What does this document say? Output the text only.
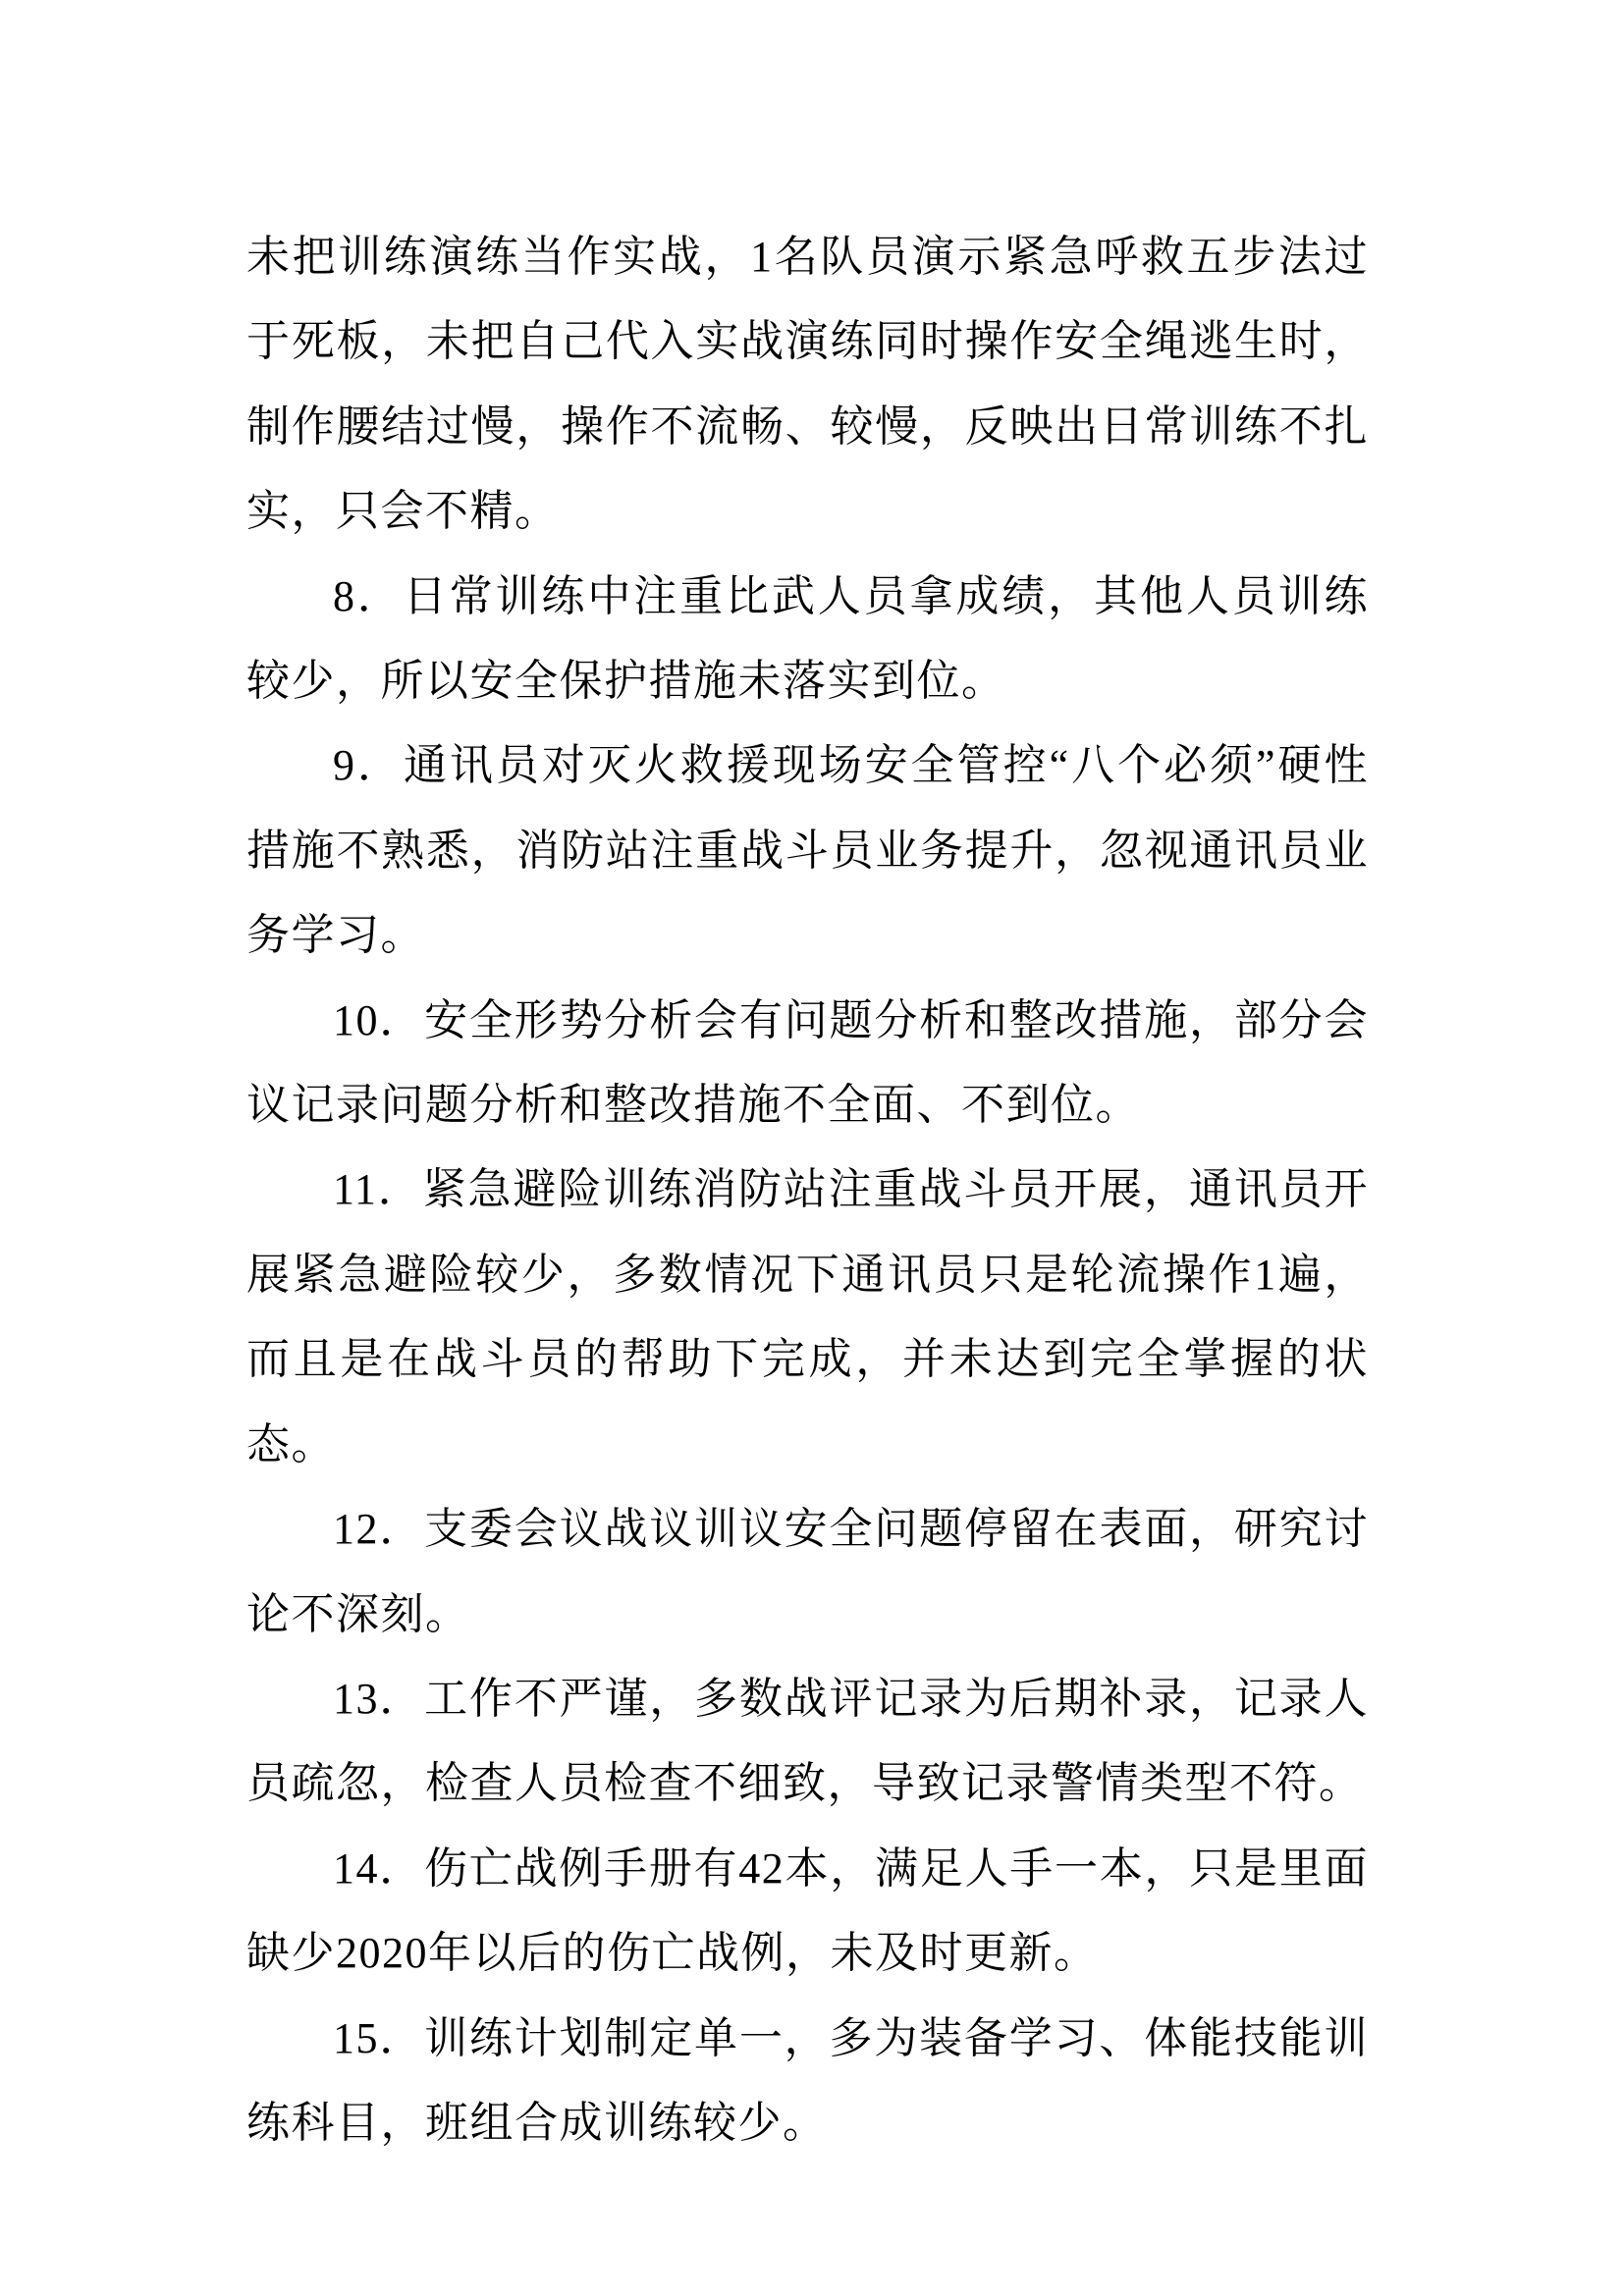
未把训练演练当作实战，1名队员演示紧急呼救五步法过于死板，未把自己代入实战演练同时操作安全绳逃生时，制作腰结过慢，操作不流畅、较慢，反映出日常训练不扎实，只会不精。

8．日常训练中注重比武人员拿成绩，其他人员训练较少，所以安全保护措施未落实到位。

9．通讯员对灭火救援现场安全管控“八个必须”硬性措施不熟悉，消防站注重战斗员业务提升，忽视通讯员业务学习。

10．安全形势分析会有问题分析和整改措施，部分会议记录问题分析和整改措施不全面、不到位。

11．紧急避险训练消防站注重战斗员开展，通讯员开展紧急避险较少，多数情况下通讯员只是轮流操作1遍，而且是在战斗员的帮助下完成，并未达到完全掌握的状态。

12．支委会议战议训议安全问题停留在表面，研究讨论不深刻。

13．工作不严谨，多数战评记录为后期补录，记录人员疏忽，检查人员检查不细致，导致记录警情类型不符。

14．伤亡战例手册有42本，满足人手一本，只是里面缺少2020年以后的伤亡战例，未及时更新。

15．训练计划制定单一，多为装备学习、体能技能训练科目，班组合成训练较少。
